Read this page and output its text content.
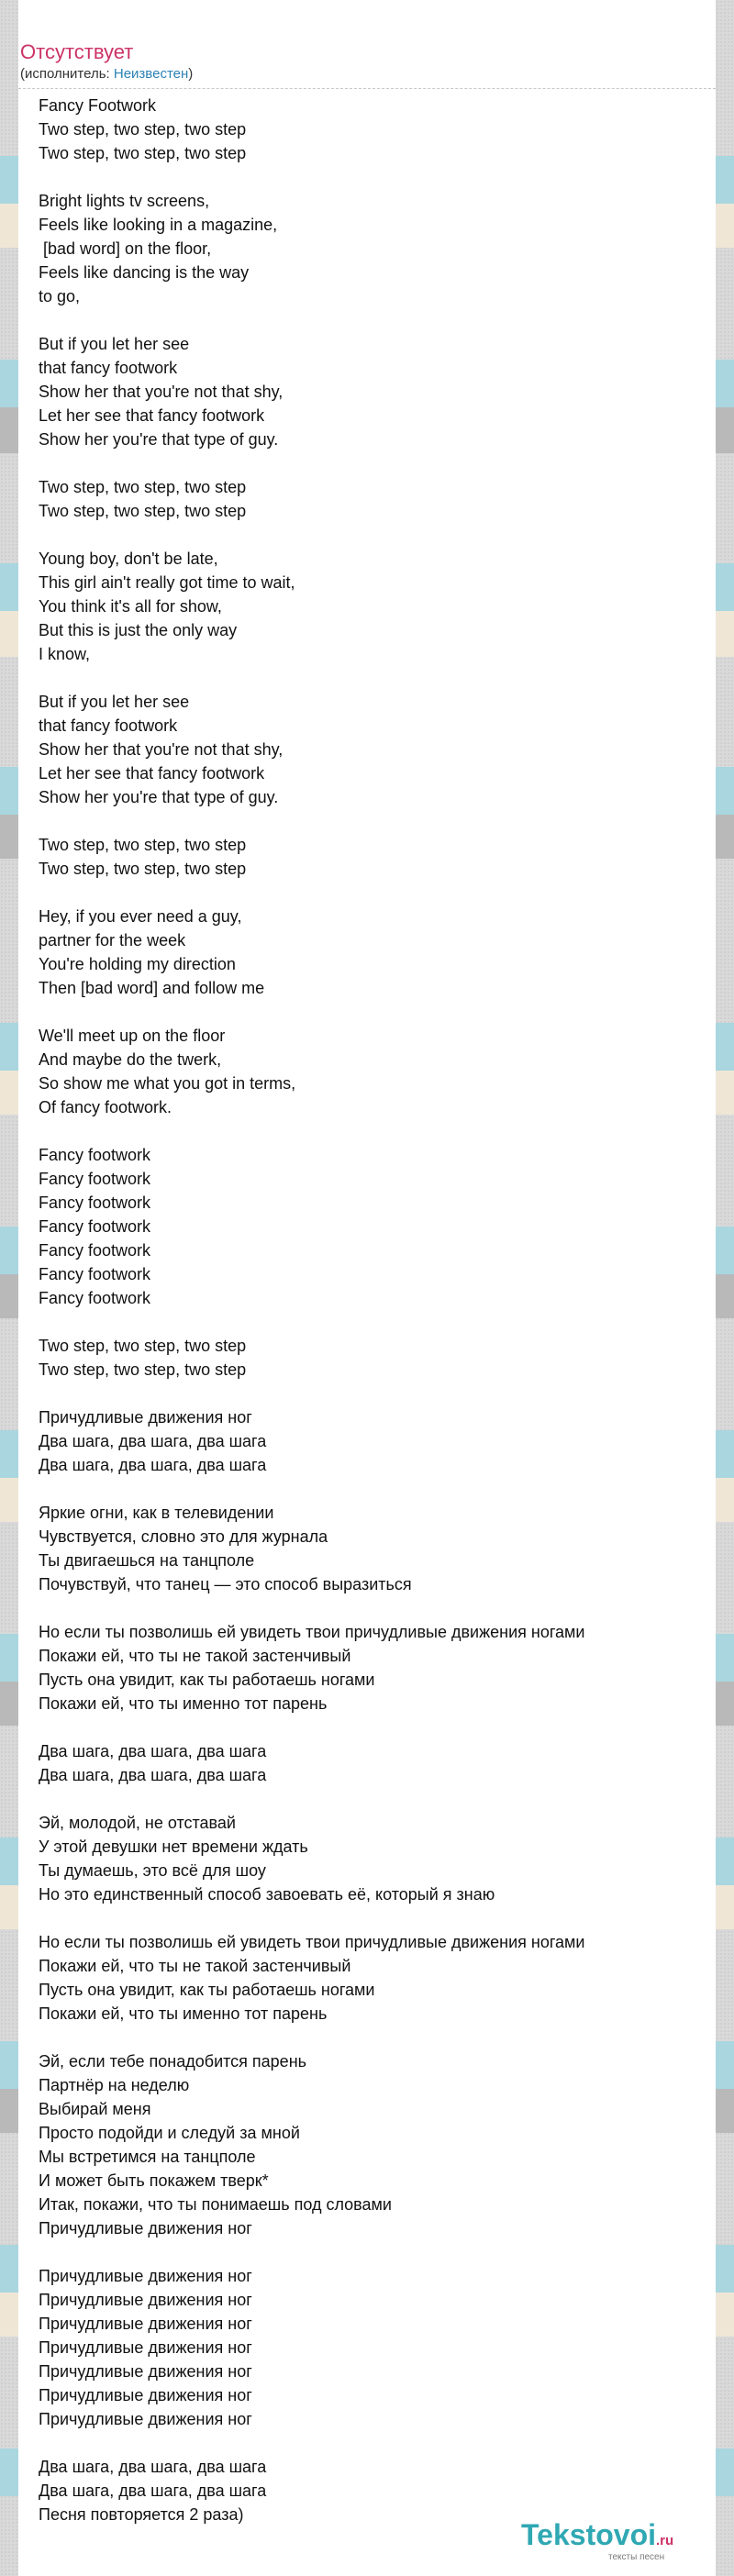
Отсутствует
(исполнитель: Неизвестен)
Fancy Footwork
Two step, two step, two step
Two step, two step, two step
Bright lights tv screens,
Feels like looking in a magazine,
[bad word] on the floor,
Feels like dancing is the way
to go,
But if you let her see
that fancy footwork
Show her that you're not that shy,
Let her see that fancy footwork
Show her you're that type of guy.
Two step, two step, two step
Two step, two step, two step
Young boy, don't be late,
This girl ain't really got time to wait,
You think it's all for show,
But this is just the only way
I know,
But if you let her see
that fancy footwork
Show her that you're not that shy,
Let her see that fancy footwork
Show her you're that type of guy.
Two step, two step, two step
Two step, two step, two step
Hey, if you ever need a guy,
partner for the week
You're holding my direction
Then [bad word] and follow me
We'll meet up on the floor
And maybe do the twerk,
So show me what you got in terms,
Of fancy footwork.
Fancy footwork
Fancy footwork
Fancy footwork
Fancy footwork
Fancy footwork
Fancy footwork
Fancy footwork
Two step, two step, two step
Two step, two step, two step
Причудливые движения ног
Два шага, два шага, два шага
Два шага, два шага, два шага
Яркие огни, как в телевидении
Чувствуется, словно это для журнала
Ты двигаешься на танцполе
Почувствуй, что танец — это способ выразиться
Но если ты позволишь ей увидеть твои причудливые движения ногами
Покажи ей, что ты не такой застенчивый
Пусть она увидит, как ты работаешь ногами
Покажи ей, что ты именно тот парень
Два шага, два шага, два шага
Два шага, два шага, два шага
Эй, молодой, не отставай
У этой девушки нет времени ждать
Ты думаешь, это всё для шоу
Но это единственный способ завоевать её, который я знаю
Но если ты позволишь ей увидеть твои причудливые движения ногами
Покажи ей, что ты не такой застенчивый
Пусть она увидит, как ты работаешь ногами
Покажи ей, что ты именно тот парень
Эй, если тебе понадобится парень
Партнёр на неделю
Выбирай меня
Просто подойди и следуй за мной
Мы встретимся на танцполе
И может быть покажем тверк*
Итак, покажи, что ты понимаешь под словами
Причудливые движения ног
Причудливые движения ног
Причудливые движения ног
Причудливые движения ног
Причудливые движения ног
Причудливые движения ног
Причудливые движения ног
Причудливые движения ног
Два шага, два шага, два шага
Два шага, два шага, два шага
Песня повторяется 2 раза)
Tekstovoi.ru
тексты песен
